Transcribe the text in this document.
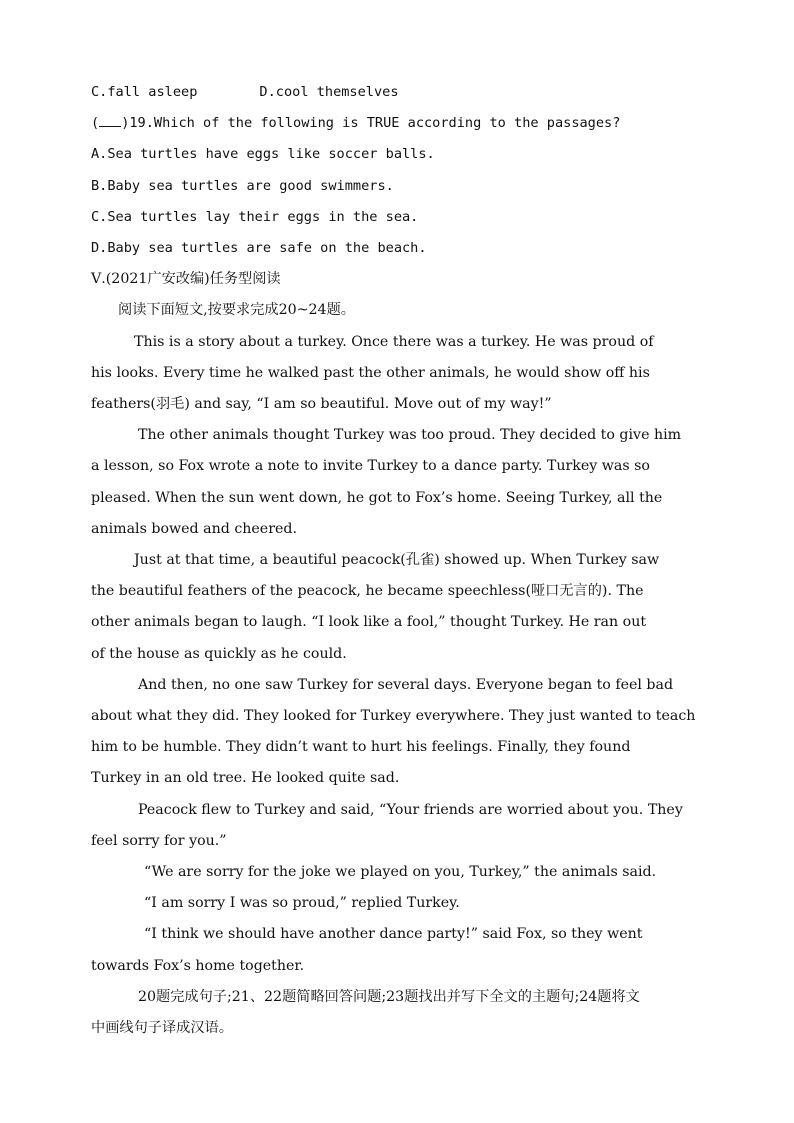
C.fall asleep	D.cool themselves
( )19.Which of the following is TRUE according to the passages?
A.Sea turtles have eggs like soccer balls.
B.Baby sea turtles are good swimmers.
C.Sea turtles lay their eggs in the sea.
D.Baby sea turtles are safe on the beach.
Ⅴ.(2021广安改编)任务型阅读
阅读下面短文,按要求完成20~24题。
This is a story about a turkey. Once there was a turkey. He was proud of
his looks. Every time he walked past the other animals, he would show off his
feathers(羽毛) and say, “I am so beautiful. Move out of my way!”
The other animals thought Turkey was too proud. They decided to give him
a lesson, so Fox wrote a note to invite Turkey to a dance party. Turkey was so
pleased. When the sun went down, he got to Fox’s home. Seeing Turkey, all the
animals bowed and cheered.
Just at that time, a beautiful peacock(孔雀) showed up. When Turkey saw
the beautiful feathers of the peacock, he became speechless(哑口无言的). The
other animals began to laugh. “I look like a fool,” thought Turkey. He ran out
of the house as quickly as he could.
And then, no one saw Turkey for several days. Everyone began to feel bad
about what they did. They looked for Turkey everywhere. They just wanted to teach
him to be humble. They didn’t want to hurt his feelings. Finally, they found
Turkey in an old tree. He looked quite sad.
Peacock flew to Turkey and said, “Your friends are worried about you. They
feel sorry for you.”
“We are sorry for the joke we played on you, Turkey,” the animals said.
“I am sorry I was so proud,” replied Turkey.
“I think we should have another dance party!” said Fox, so they went
towards Fox’s home together.
20题完成句子;21、22题简略回答问题;23题找出并写下全文的主题句;24题将文
中画线句子译成汉语。
